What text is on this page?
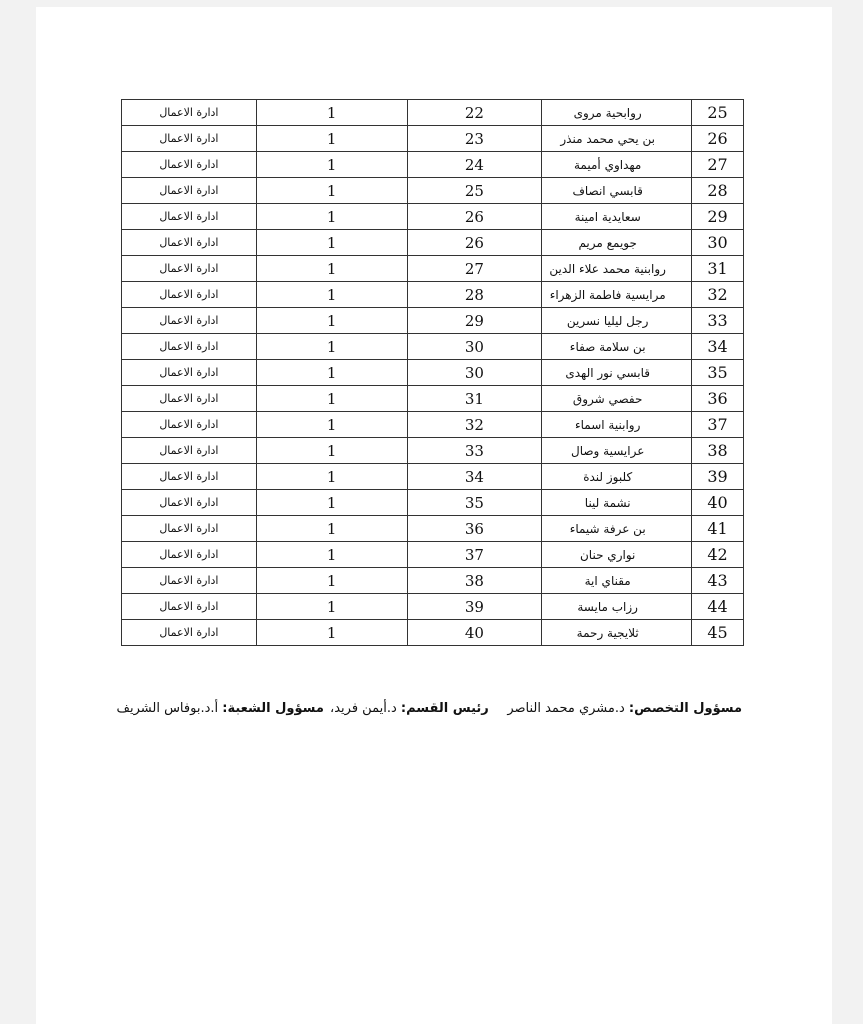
25	روابحية مروى	22	1	ادارة الاعمال
26	بن يحي محمد منذر	23	1	ادارة الاعمال
27	مهداوي أميمة	24	1	ادارة الاعمال
28	قابسي انصاف	25	1	ادارة الاعمال
29	سعايدية امينة	26	1	ادارة الاعمال
30	جويمع مريم	26	1	ادارة الاعمال
31	روابنية محمد علاء الدين	27	1	ادارة الاعمال
32	مرايسية فاطمة الزهراء	28	1	ادارة الاعمال
33	رجل ليليا نسرين	29	1	ادارة الاعمال
34	بن سلامة صفاء	30	1	ادارة الاعمال
35	قابسي نور الهدى	30	1	ادارة الاعمال
36	حفصي شروق	31	1	ادارة الاعمال
37	روابنية اسماء	32	1	ادارة الاعمال
38	عرايسية وصال	33	1	ادارة الاعمال
39	كلبوز لندة	34	1	ادارة الاعمال
40	نشمة لينا	35	1	ادارة الاعمال
41	بن عرفة شيماء	36	1	ادارة الاعمال
42	نواري حنان	37	1	ادارة الاعمال
43	مقناي اية	38	1	ادارة الاعمال
44	رزاب مايسة	39	1	ادارة الاعمال
45	ثلايجية رحمة	40	1	ادارة الاعمال
مسؤول التخصص: د.مشري محمد الناصر    رئيس القسم: د.أيمن فريد، مسؤول الشعبة: أ.د.بوفاس الشريف
